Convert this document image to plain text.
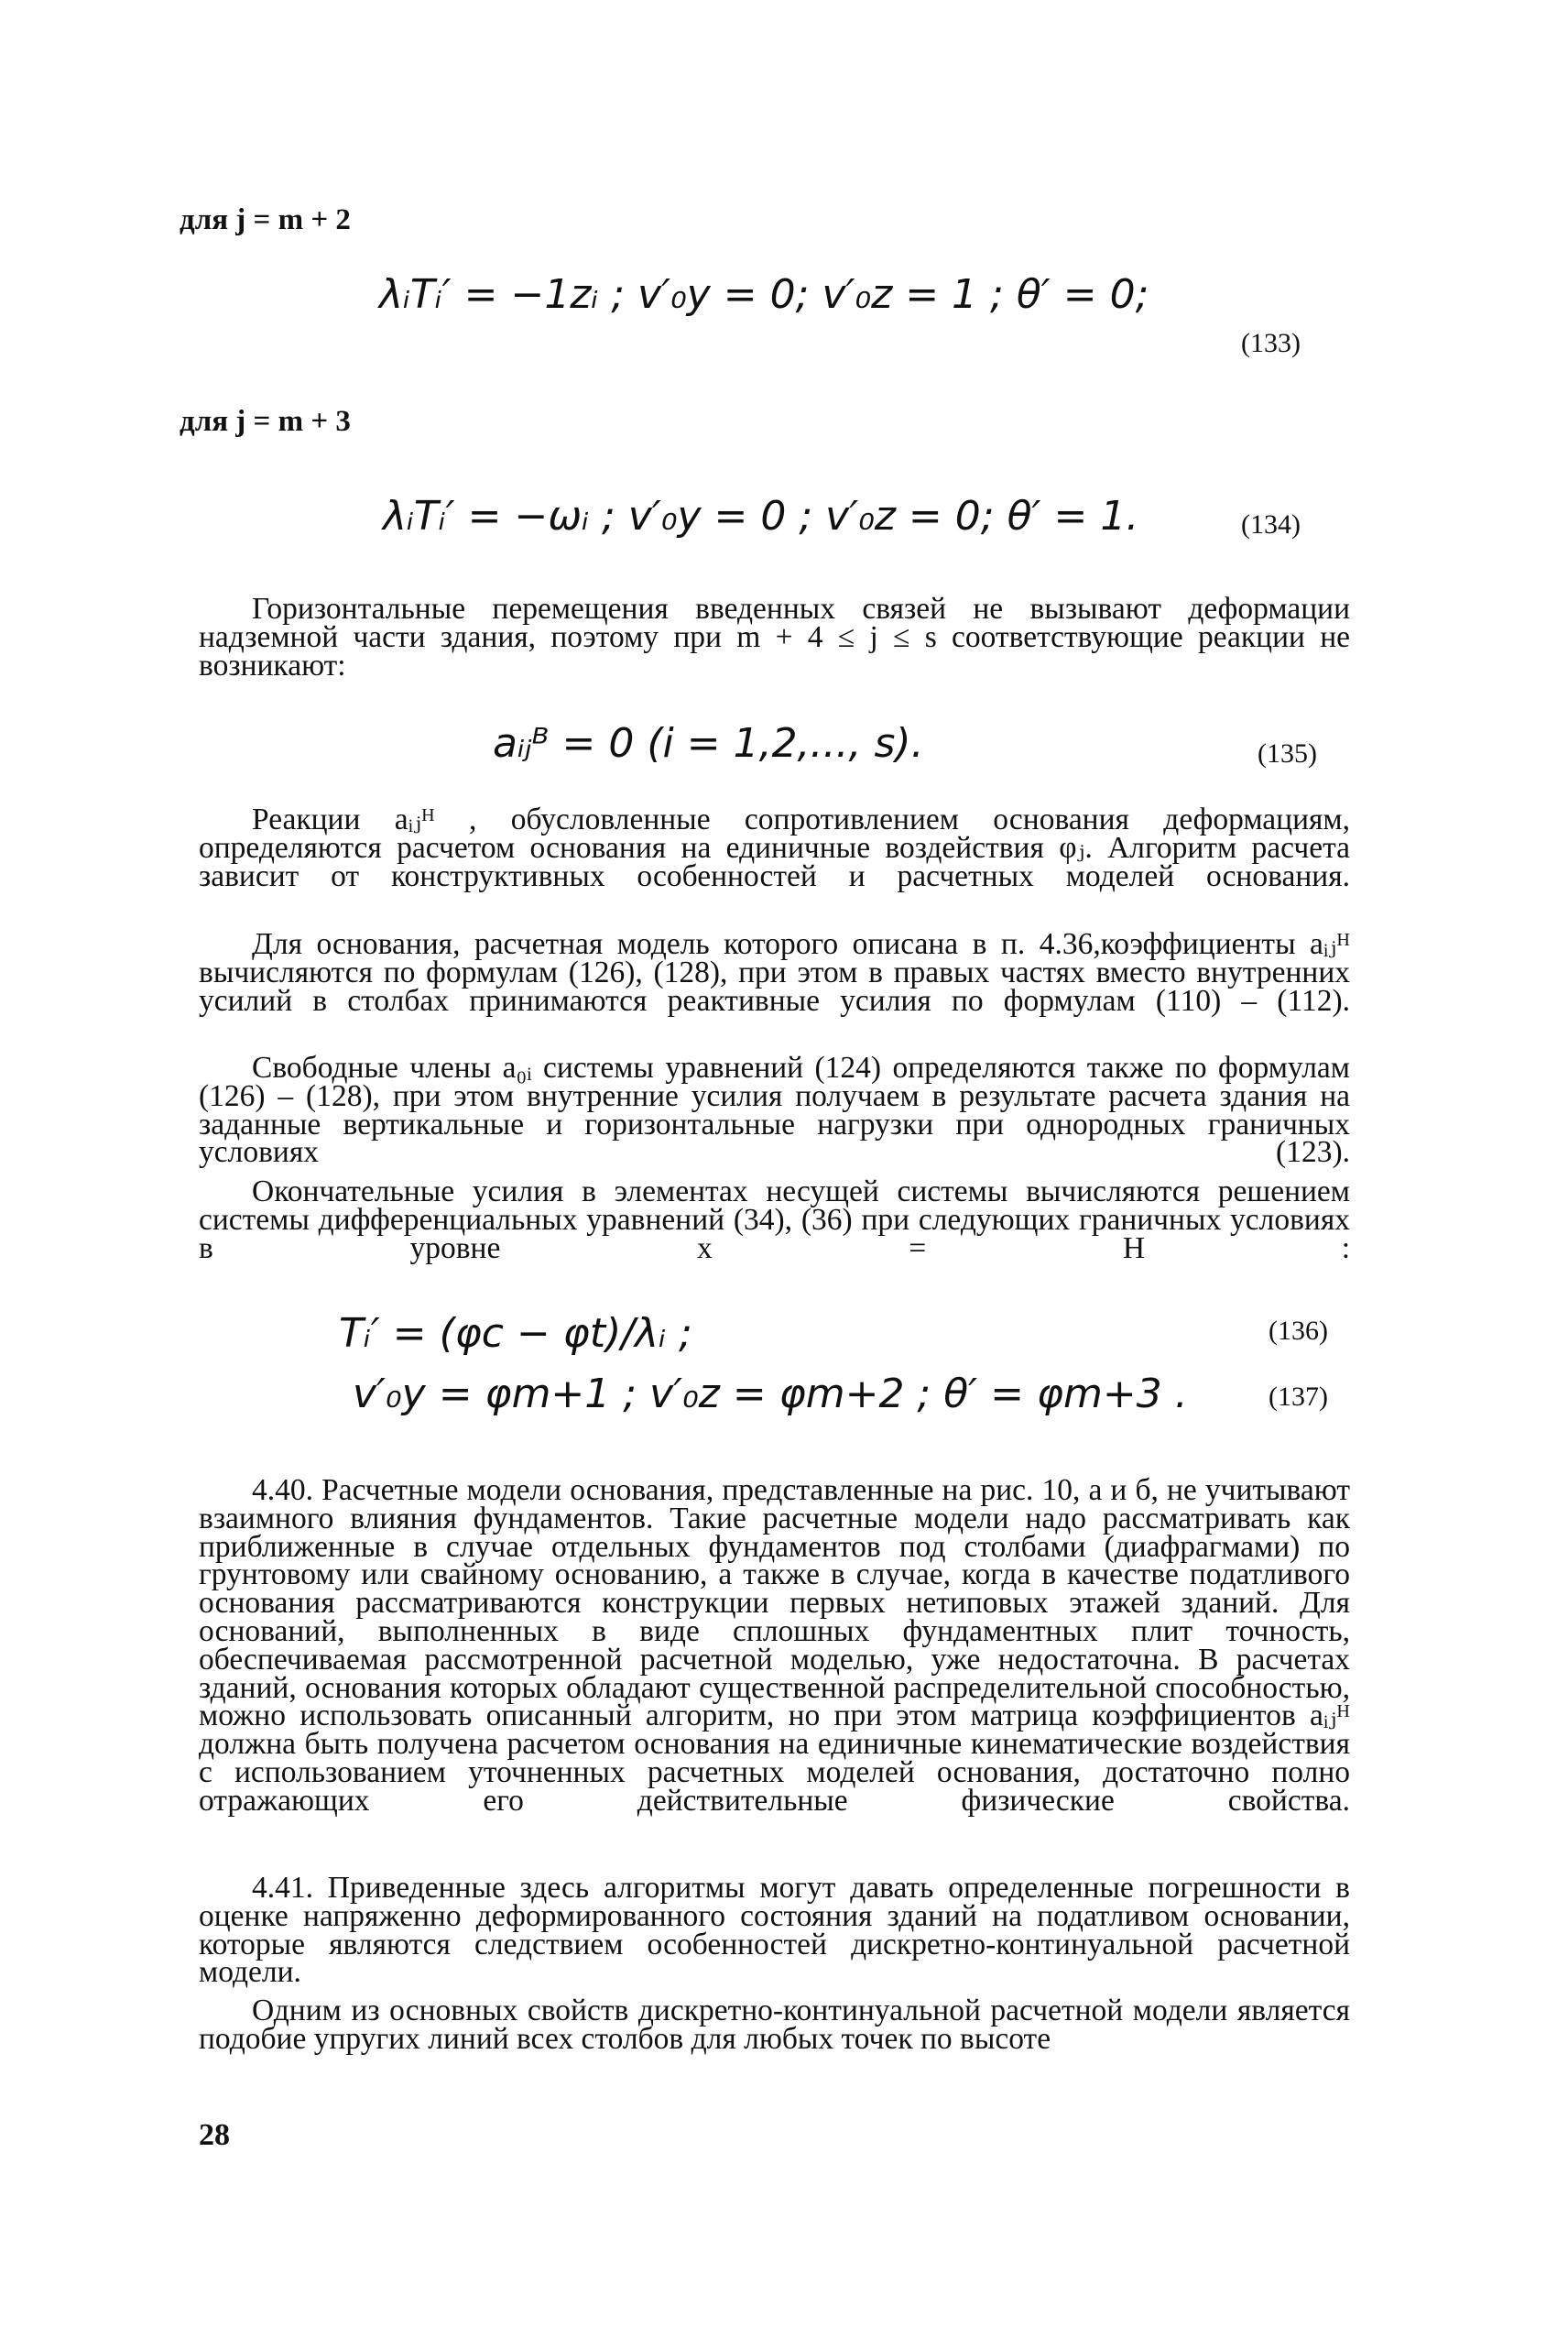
для j = m + 2
λᵢTᵢ′ = −1zᵢ ; v′₀y = 0; v′₀z = 1 ; θ′ = 0;
(133)
для j = m + 3
λᵢTᵢ′ = −ωᵢ ; v′₀y = 0 ; v′₀z = 0; θ′ = 1.	(134)
Горизонтальные перемещения введенных связей не вызывают деформации надземной части здания, поэтому при m + 4 ≤ j ≤ s соответствующие реакции не возникают:
aᵢⱼᴮ = 0 (i = 1,2,..., s).	(135)
Реакции aᵢⱼᴴ , обусловленные сопротивлением основания деформациям, определяются расчетом основания на единичные воздействия φⱼ. Алгоритм расчета зависит от конструктивных особенностей и расчетных моделей основания.
Для основания, расчетная модель которого описана в п. 4.36,коэффициенты aᵢⱼᴴ вычисляются по формулам (126), (128), при этом в правых частях вместо внутренних усилий в столбах принимаются реактивные усилия по формулам (110) – (112).
Свободные члены a₀ᵢ системы уравнений (124) определяются также по формулам (126) – (128), при этом внутренние усилия получаем в результате расчета здания на заданные вертикальные и горизонтальные нагрузки при однородных граничных условиях (123).
Окончательные усилия в элементах несущей системы вычисляются решением системы дифференциальных уравнений (34), (36) при следующих граничных условиях в уровне x = H :
Tᵢ′ = (φc − φt)/λᵢ ;	(136)
v′₀y = φm+1 ; v′₀z = φm+2 ; θ′ = φm+3 .	(137)
4.40. Расчетные модели основания, представленные на рис. 10, а и б, не учитывают взаимного влияния фундаментов. Такие расчетные модели надо рассматривать как приближенные в случае отдельных фундаментов под столбами (диафрагмами) по грунтовому или свайному основанию, а также в случае, когда в качестве податливого основания рассматриваются конструкции первых нетиповых этажей зданий. Для оснований, выполненных в виде сплошных фундаментных плит точность, обеспечиваемая рассмотренной расчетной моделью, уже недостаточна. В расчетах зданий, основания которых обладают существенной распределительной способностью, можно использовать описанный алгоритм, но при этом матрица коэффициентов aᵢⱼᴴ должна быть получена расчетом основания на единичные кинематические воздействия с использованием уточненных расчетных моделей основания, достаточно полно отражающих его действительные физические свойства.
4.41. Приведенные здесь алгоритмы могут давать определенные погрешности в оценке напряженно деформированного состояния зданий на податливом основании, которые являются следствием особенностей дискретно-континуальной расчетной модели.
Одним из основных свойств дискретно-континуальной расчетной модели является подобие упругих линий всех столбов для любых точек по высоте
28
